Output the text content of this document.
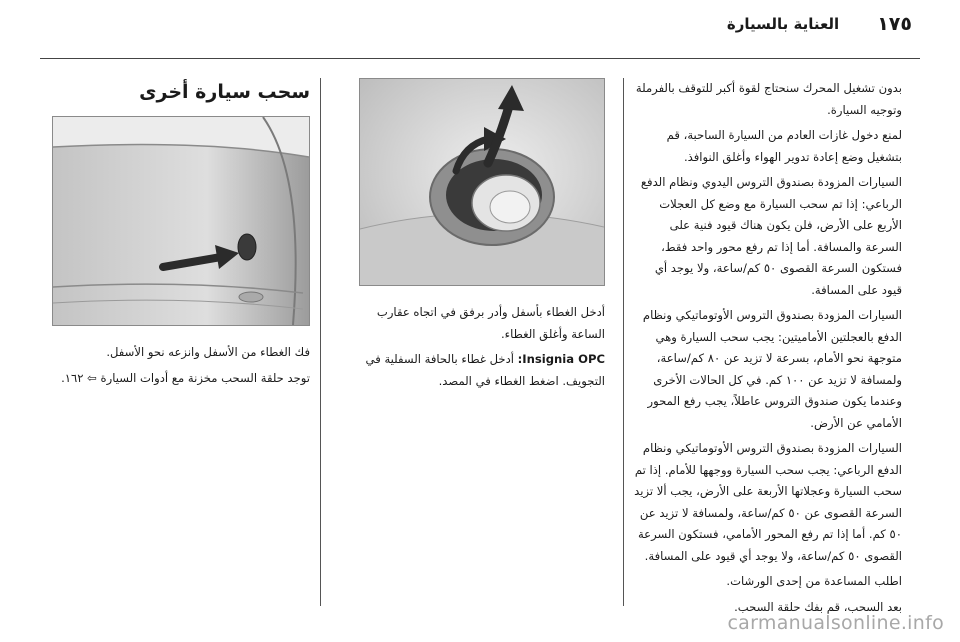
١٧٥
العناية بالسيارة

بدون تشغيل المحرك سنحتاج لقوة أكبر للتوقف بالفرملة وتوجيه السيارة.

لمنع دخول غازات العادم من السيارة الساحبة، قم بتشغيل وضع إعادة تدوير الهواء وأغلق النوافذ.

السيارات المزودة بصندوق التروس اليدوي ونظام الدفع الرباعي: إذا تم سحب السيارة مع وضع كل العجلات الأربع على الأرض، فلن يكون هناك قيود فنية على السرعة والمسافة. أما إذا تم رفع محور واحد فقط، فستكون السرعة القصوى ٥٠ كم/ساعة، ولا يوجد أي قيود على المسافة.

السيارات المزودة بصندوق التروس الأوتوماتيكي ونظام الدفع بالعجلتين الأماميتين: يجب سحب السيارة وهي متوجهة نحو الأمام، بسرعة لا تزيد عن ٨٠ كم/ساعة، ولمسافة لا تزيد عن ١٠٠ كم. في كل الحالات الأخرى وعندما يكون صندوق التروس عاطلاً، يجب رفع المحور الأمامي عن الأرض.

السيارات المزودة بصندوق التروس الأوتوماتيكي ونظام الدفع الرباعي: يجب سحب السيارة ووجهها للأمام. إذا تم سحب السيارة وعجلاتها الأربعة على الأرض، يجب ألا تزيد السرعة القصوى عن ٥٠ كم/ساعة، ولمسافة لا تزيد عن ٥٠ كم. أما إذا تم رفع المحور الأمامي، فستكون السرعة القصوى ٥٠ كم/ساعة، ولا يوجد أي قيود على المسافة.

اطلب المساعدة من إحدى الورشات.

بعد السحب، قم بفك حلقة السحب.

أدخل الغطاء بأسفل وأدر برفق في اتجاه عقارب الساعة وأغلق الغطاء.

Insignia OPC: أدخل غطاء بالحافة السفلية في التجويف. اضغط الغطاء في المصد.

سحب سيارة أخرى

فك الغطاء من الأسفل وانزعه نحو الأسفل.

توجد حلقة السحب مخزنة مع أدوات السيارة ⇦ ١٦٢.

carmanualsonline.info
